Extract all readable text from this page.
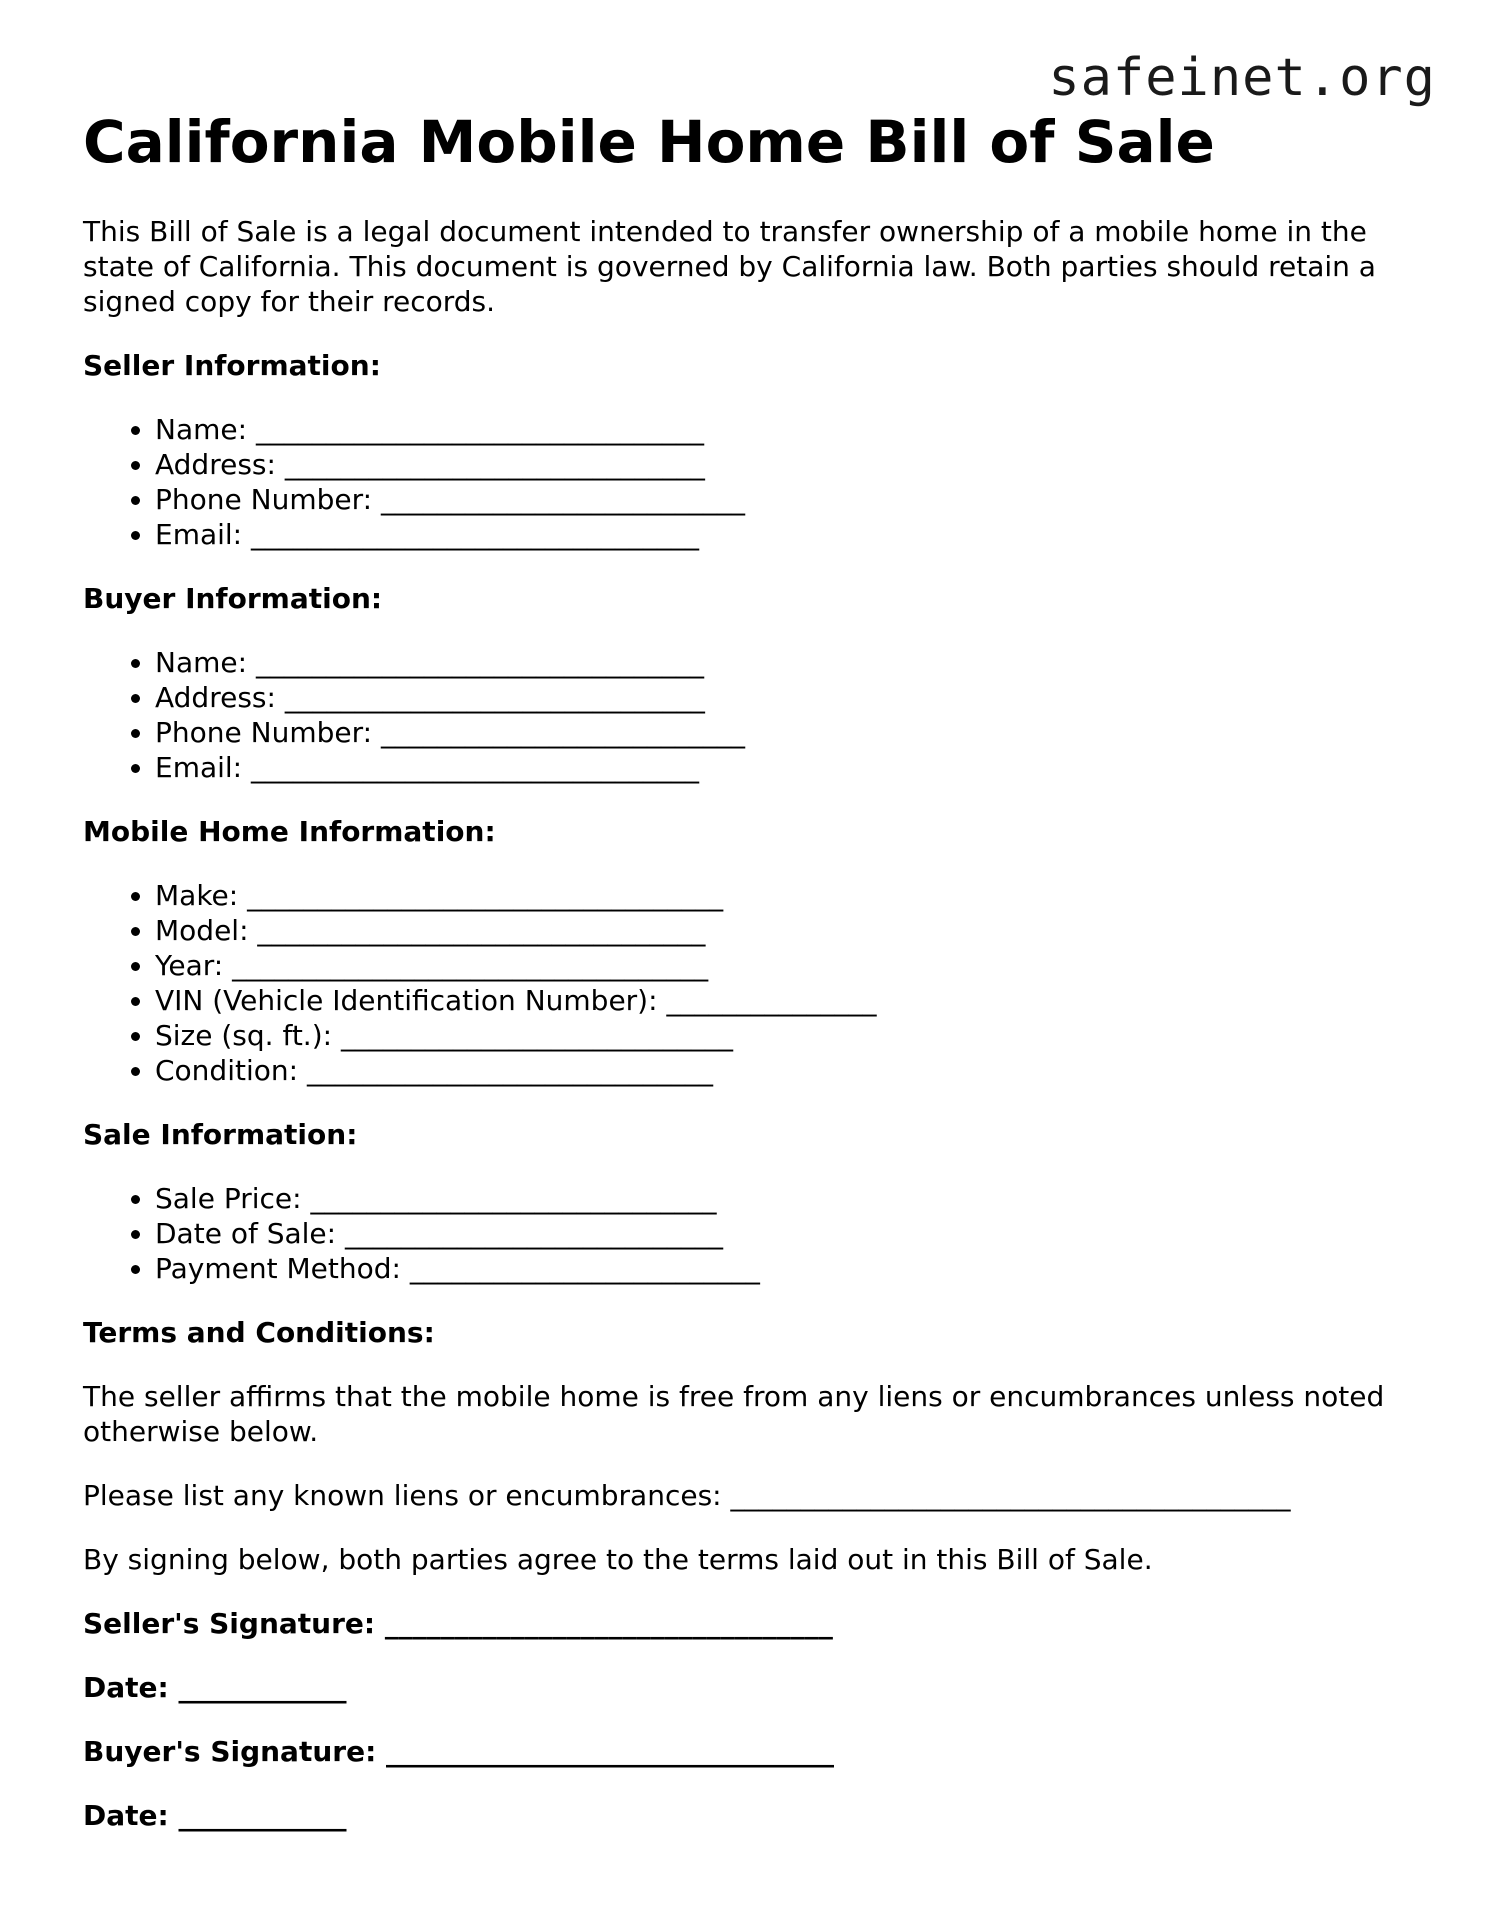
safeinet.org
California Mobile Home Bill of Sale

This Bill of Sale is a legal document intended to transfer ownership of a mobile home in the state of California. This document is governed by California law. Both parties should retain a signed copy for their records.

Seller Information:
• Name: ________________________________
• Address: ______________________________
• Phone Number: __________________________
• Email: ________________________________
Buyer Information:
• Name: ________________________________
• Address: ______________________________
• Phone Number: __________________________
• Email: ________________________________
Mobile Home Information:
• Make: __________________________________
• Model: ________________________________
• Year: __________________________________
• VIN (Vehicle Identification Number): _______________
• Size (sq. ft.): ____________________________
• Condition: _____________________________
Sale Information:
• Sale Price: _____________________________
• Date of Sale: ___________________________
• Payment Method: _________________________
Terms and Conditions:

The seller affirms that the mobile home is free from any liens or encumbrances unless noted otherwise below.

Please list any known liens or encumbrances: ________________________________________

By signing below, both parties agree to the terms laid out in this Bill of Sale.

Seller's Signature: ________________________________
Date: ____________
Buyer's Signature: ________________________________
Date: ____________
